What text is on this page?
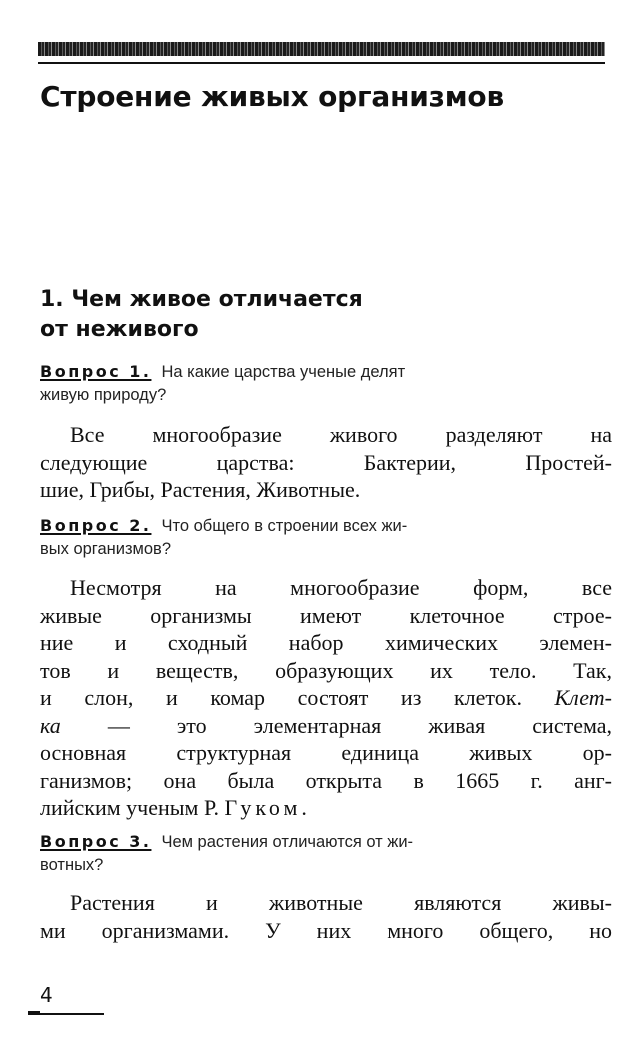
Строение живых организмов
1. Чем живое отличается
от неживого
Вопрос 1. На какие царства ученые делят
живую природу?
Все многообразие живого разделяют на
следующие царства: Бактерии, Простей-
шие, Грибы, Растения, Животные.
Вопрос 2. Что общего в строении всех жи-
вых организмов?
Несмотря на многообразие форм, все
живые организмы имеют клеточное строе-
ние и сходный набор химических элемен-
тов и веществ, образующих их тело. Так,
и слон, и комар состоят из клеток. Клет-
ка — это элементарная живая система,
основная структурная единица живых ор-
ганизмов; она была открыта в 1665 г. анг-
лийским ученым Р. Гуком.
Вопрос 3. Чем растения отличаются от жи-
вотных?
Растения и животные являются живы-
ми организмами. У них много общего, но
4
